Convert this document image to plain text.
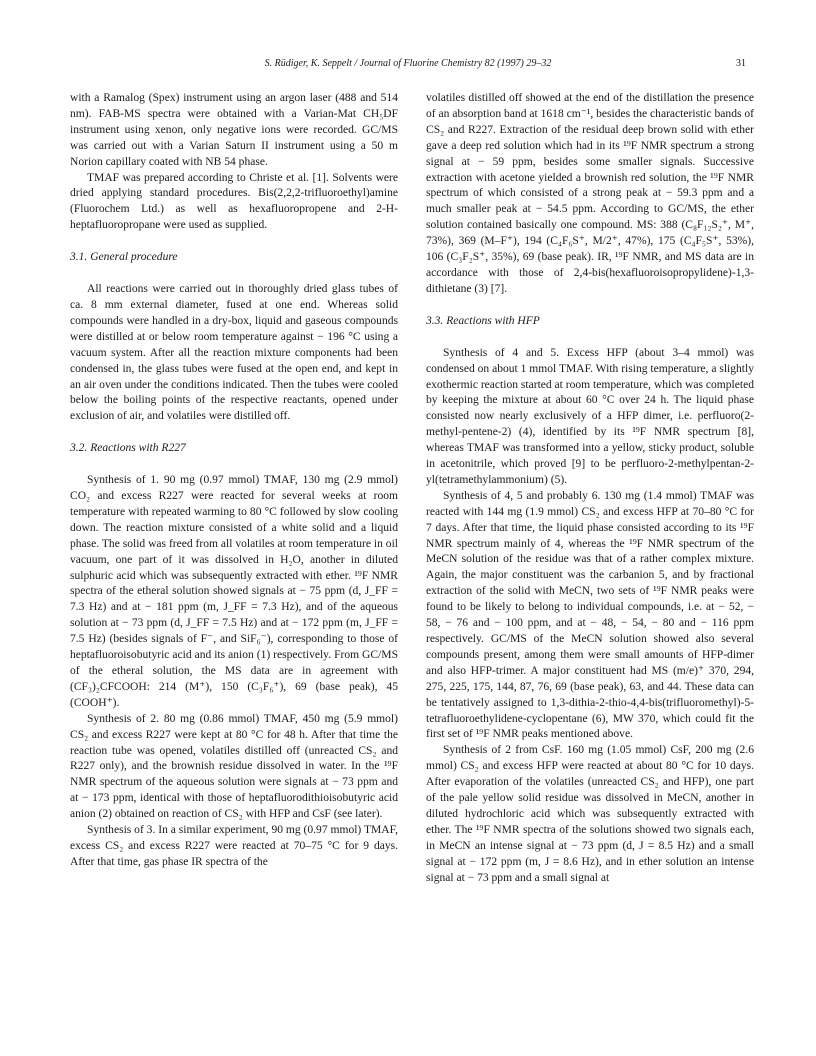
S. Rüdiger, K. Seppelt / Journal of Fluorine Chemistry 82 (1997) 29–32	31

with a Ramalog (Spex) instrument using an argon laser (488 and 514 nm). FAB-MS spectra were obtained with a Varian-Mat CH₅DF instrument using xenon, only negative ions were recorded. GC/MS was carried out with a Varian Saturn II instrument using a 50 m Norion capillary coated with NB 54 phase.

TMAF was prepared according to Christe et al. [1]. Solvents were dried applying standard procedures. Bis(2,2,2-trifluoroethyl)amine (Fluorochem Ltd.) as well as hexafluoropropene and 2-H-heptafluoropropane were used as supplied.

3.1. General procedure

All reactions were carried out in thoroughly dried glass tubes of ca. 8 mm external diameter, fused at one end. Whereas solid compounds were handled in a dry-box, liquid and gaseous compounds were distilled at or below room temperature against − 196 °C using a vacuum system. After all the reaction mixture components had been condensed in, the glass tubes were fused at the open end, and kept in an air oven under the conditions indicated. Then the tubes were cooled below the boiling points of the respective reactants, opened under exclusion of air, and volatiles were distilled off.

3.2. Reactions with R227

Synthesis of 1. 90 mg (0.97 mmol) TMAF, 130 mg (2.9 mmol) CO₂ and excess R227 were reacted for several weeks at room temperature with repeated warming to 80 °C followed by slow cooling down. The reaction mixture consisted of a white solid and a liquid phase. The solid was freed from all volatiles at room temperature in oil vacuum, one part of it was dissolved in H₂O, another in diluted sulphuric acid which was subsequently extracted with ether. ¹⁹F NMR spectra of the etheral solution showed signals at − 75 ppm (d, J_FF = 7.3 Hz) and at − 181 ppm (m, J_FF = 7.3 Hz), and of the aqueous solution at − 73 ppm (d, J_FF = 7.5 Hz) and at − 172 ppm (m, J_FF = 7.5 Hz) (besides signals of F⁻, and SiF₆⁻), corresponding to those of heptafluoroisobutyric acid and its anion (1) respectively. From GC/MS of the etheral solution, the MS data are in agreement with (CF₃)₂CFCOOH: 214 (M⁺), 150 (C₃F₆⁺), 69 (base peak), 45 (COOH⁺).

Synthesis of 2. 80 mg (0.86 mmol) TMAF, 450 mg (5.9 mmol) CS₂ and excess R227 were kept at 80 °C for 48 h. After that time the reaction tube was opened, volatiles distilled off (unreacted CS₂ and R227 only), and the brownish residue dissolved in water. In the ¹⁹F NMR spectrum of the aqueous solution were signals at − 73 ppm and at − 173 ppm, identical with those of heptafluorodithioisobutyric acid anion (2) obtained on reaction of CS₂ with HFP and CsF (see later).

Synthesis of 3. In a similar experiment, 90 mg (0.97 mmol) TMAF, excess CS₂ and excess R227 were reacted at 70–75 °C for 9 days. After that time, gas phase IR spectra of the

volatiles distilled off showed at the end of the distillation the presence of an absorption band at 1618 cm⁻¹, besides the characteristic bands of CS₂ and R227. Extraction of the residual deep brown solid with ether gave a deep red solution which had in its ¹⁹F NMR spectrum a strong signal at − 59 ppm, besides some smaller signals. Successive extraction with acetone yielded a brownish red solution, the ¹⁹F NMR spectrum of which consisted of a strong peak at − 59.3 ppm and a much smaller peak at − 54.5 ppm. According to GC/MS, the ether solution contained basically one compound. MS: 388 (C₈F₁₂S₂⁺, M⁺, 73%), 369 (M–F⁺), 194 (C₄F₆S⁺, M/2⁺, 47%), 175 (C₄F₅S⁺, 53%), 106 (C₃F₂S⁺, 35%), 69 (base peak). IR, ¹⁹F NMR, and MS data are in accordance with those of 2,4-bis(hexafluoroisopropylidene)-1,3-dithietane (3) [7].

3.3. Reactions with HFP

Synthesis of 4 and 5. Excess HFP (about 3–4 mmol) was condensed on about 1 mmol TMAF. With rising temperature, a slightly exothermic reaction started at room temperature, which was completed by keeping the mixture at about 60 °C over 24 h. The liquid phase consisted now nearly exclusively of a HFP dimer, i.e. perfluoro(2-methyl-pentene-2) (4), identified by its ¹⁹F NMR spectrum [8], whereas TMAF was transformed into a yellow, sticky product, soluble in acetonitrile, which proved [9] to be perfluoro-2-methylpentan-2-yl(tetramethylammonium) (5).

Synthesis of 4, 5 and probably 6. 130 mg (1.4 mmol) TMAF was reacted with 144 mg (1.9 mmol) CS₂ and excess HFP at 70–80 °C for 7 days. After that time, the liquid phase consisted according to its ¹⁹F NMR spectrum mainly of 4, whereas the ¹⁹F NMR spectrum of the MeCN solution of the residue was that of a rather complex mixture. Again, the major constituent was the carbanion 5, and by fractional extraction of the solid with MeCN, two sets of ¹⁹F NMR peaks were found to be likely to belong to individual compounds, i.e. at − 52, − 58, − 76 and − 100 ppm, and at − 48, − 54, − 80 and − 116 ppm respectively. GC/MS of the MeCN solution showed also several compounds present, among them were small amounts of HFP-dimer and also HFP-trimer. A major constituent had MS (m/e)⁺ 370, 294, 275, 225, 175, 144, 87, 76, 69 (base peak), 63, and 44. These data can be tentatively assigned to 1,3-dithia-2-thio-4,4-bis(trifluoromethyl)-5-tetrafluoroethylidene-cyclopentane (6), MW 370, which could fit the first set of ¹⁹F NMR peaks mentioned above.

Synthesis of 2 from CsF. 160 mg (1.05 mmol) CsF, 200 mg (2.6 mmol) CS₂ and excess HFP were reacted at about 80 °C for 10 days. After evaporation of the volatiles (unreacted CS₂ and HFP), one part of the pale yellow solid residue was dissolved in MeCN, another in diluted hydrochloric acid which was subsequently extracted with ether. The ¹⁹F NMR spectra of the solutions showed two signals each, in MeCN an intense signal at − 73 ppm (d, J = 8.5 Hz) and a small signal at − 172 ppm (m, J = 8.6 Hz), and in ether solution an intense signal at − 73 ppm and a small signal at
